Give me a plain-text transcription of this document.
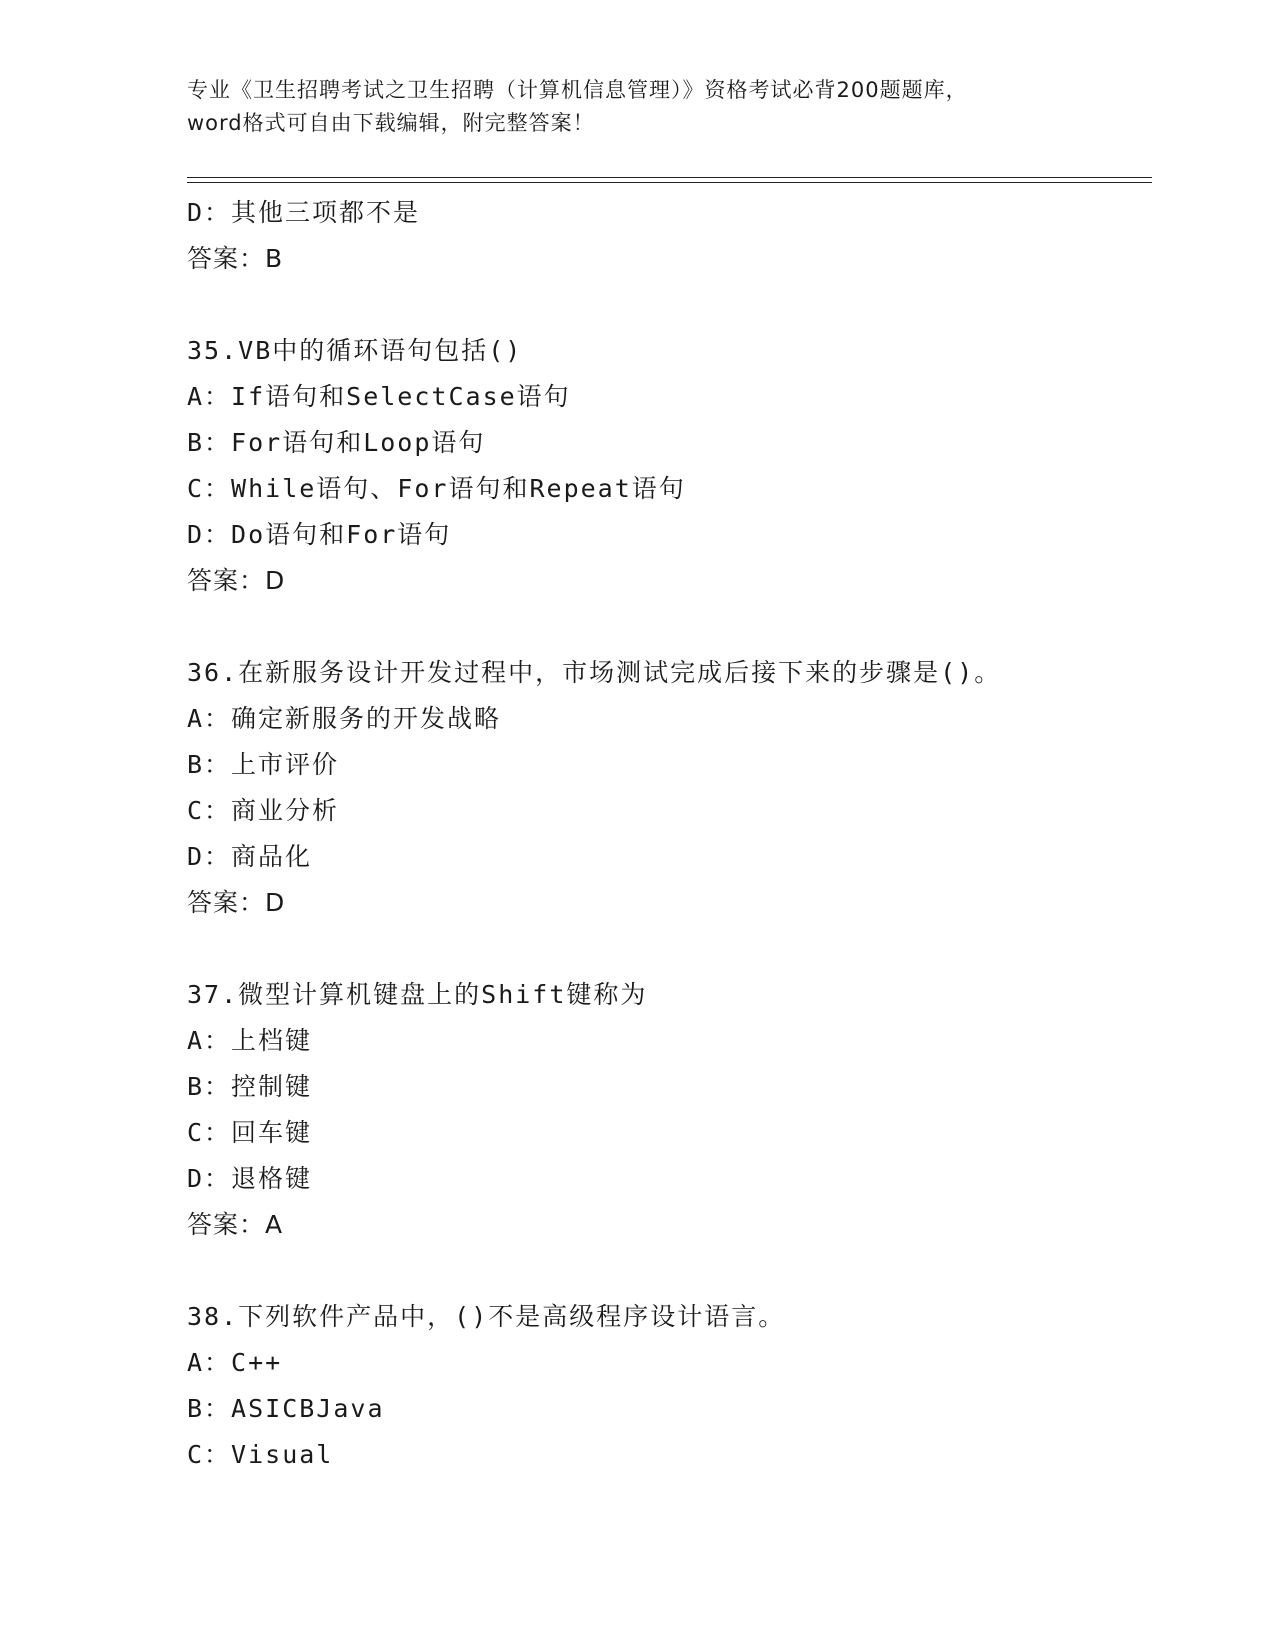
专业《卫生招聘考试之卫生招聘（计算机信息管理）》资格考试必背200题题库，
word格式可自由下载编辑，附完整答案！
D：其他三项都不是
答案：B
35.VB中的循环语句包括()
A：If语句和SelectCase语句
B：For语句和Loop语句
C：While语句、For语句和Repeat语句
D：Do语句和For语句
答案：D
36.在新服务设计开发过程中，市场测试完成后接下来的步骤是()。
A：确定新服务的开发战略
B：上市评价
C：商业分析
D：商品化
答案：D
37.微型计算机键盘上的Shift键称为
A：上档键
B：控制键
C：回车键
D：退格键
答案：A
38.下列软件产品中，()不是高级程序设计语言。
A：C++
B：ASICBJava
C：Visual
